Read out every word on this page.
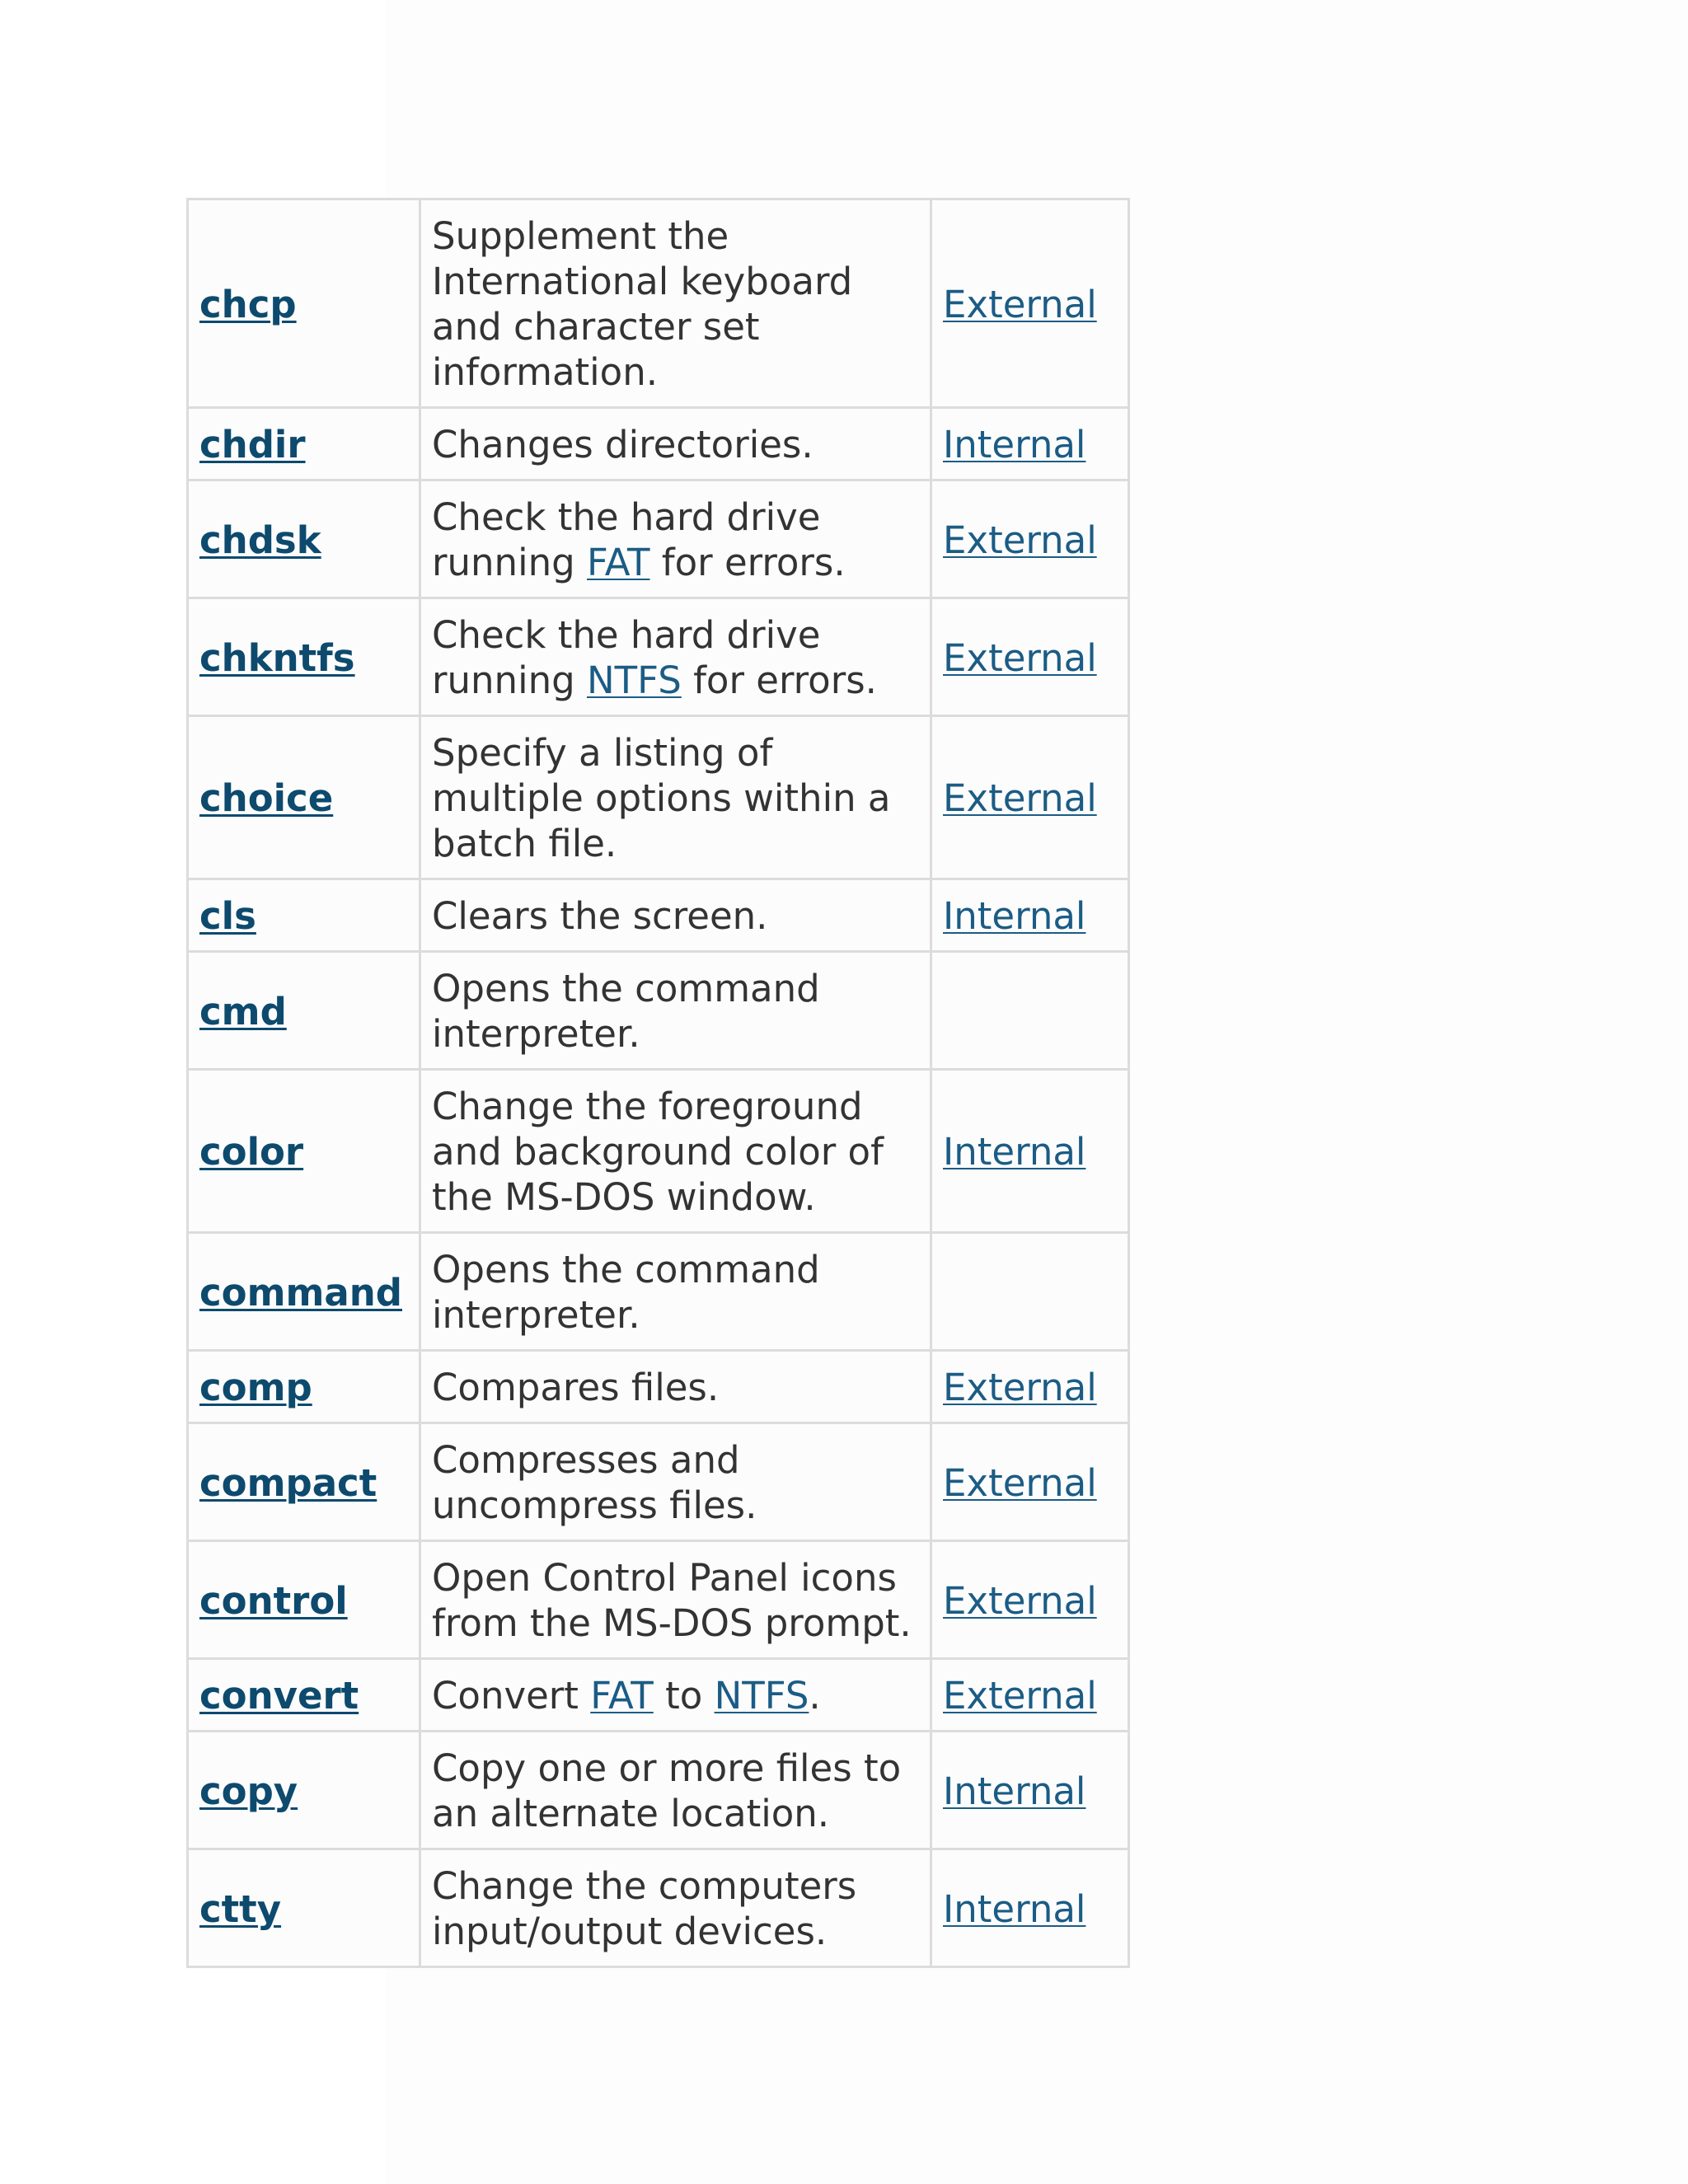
chcp	Supplement the International keyboard and character set information.	External
chdir	Changes directories.	Internal
chdsk	Check the hard drive running FAT for errors.	External
chkntfs	Check the hard drive running NTFS for errors.	External
choice	Specify a listing of multiple options within a batch file.	External
cls	Clears the screen.	Internal
cmd	Opens the command interpreter.	
color	Change the foreground and background color of the MS-DOS window.	Internal
command	Opens the command interpreter.	
comp	Compares files.	External
compact	Compresses and uncompress files.	External
control	Open Control Panel icons from the MS-DOS prompt.	External
convert	Convert FAT to NTFS.	External
copy	Copy one or more files to an alternate location.	Internal
ctty	Change the computers input/output devices.	Internal
